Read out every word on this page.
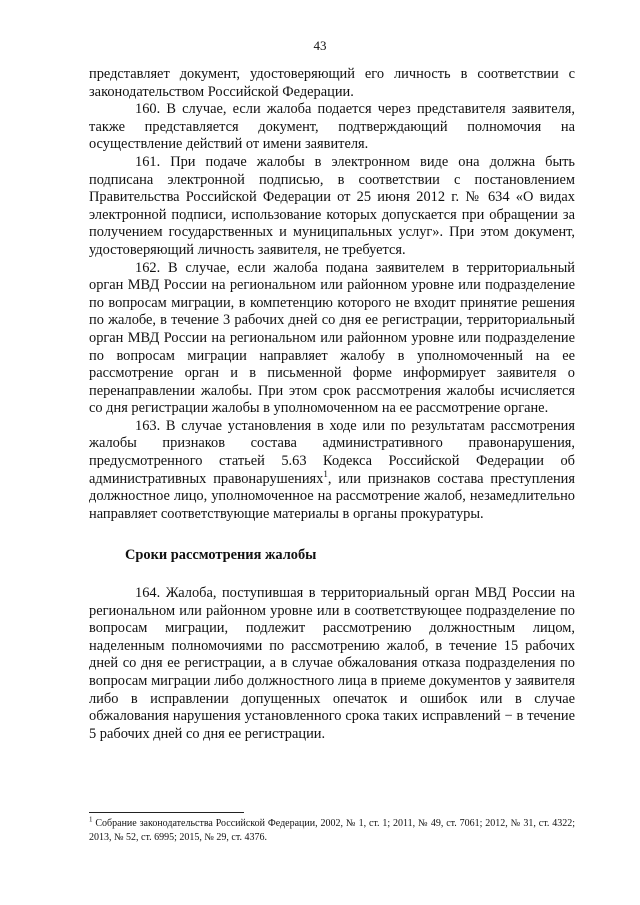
43

представляет документ, удостоверяющий его личность в соответствии с законодательством Российской Федерации.

160. В случае, если жалоба подается через представителя заявителя, также представляется документ, подтверждающий полномочия на осуществление действий от имени заявителя.

161. При подаче жалобы в электронном виде она должна быть подписана электронной подписью, в соответствии с постановлением Правительства Российской Федерации от 25 июня 2012 г. № 634 «О видах электронной подписи, использование которых допускается при обращении за получением государственных и муниципальных услуг». При этом документ, удостоверяющий личность заявителя, не требуется.

162. В случае, если жалоба подана заявителем в территориальный орган МВД России на региональном или районном уровне или подразделение по вопросам миграции, в компетенцию которого не входит принятие решения по жалобе, в течение 3 рабочих дней со дня ее регистрации, территориальный орган МВД России на региональном или районном уровне или подразделение по вопросам миграции направляет жалобу в уполномоченный на ее рассмотрение орган и в письменной форме информирует заявителя о перенаправлении жалобы. При этом срок рассмотрения жалобы исчисляется со дня регистрации жалобы в уполномоченном на ее рассмотрение органе.

163. В случае установления в ходе или по результатам рассмотрения жалобы признаков состава административного правонарушения, предусмотренного статьей 5.63 Кодекса Российской Федерации об административных правонарушениях$^1$, или признаков состава преступления должностное лицо, уполномоченное на рассмотрение жалоб, незамедлительно направляет соответствующие материалы в органы прокуратуры.

Сроки рассмотрения жалобы

164. Жалоба, поступившая в территориальный орган МВД России на региональном или районном уровне или в соответствующее подразделение по вопросам миграции, подлежит рассмотрению должностным лицом, наделенным полномочиями по рассмотрению жалоб, в течение 15 рабочих дней со дня ее регистрации, а в случае обжалования отказа подразделения по вопросам миграции либо должностного лица в приеме документов у заявителя либо в исправлении допущенных опечаток и ошибок или в случае обжалования нарушения установленного срока таких исправлений − в течение 5 рабочих дней со дня ее регистрации.

$^1$ Собрание законодательства Российской Федерации, 2002, № 1, ст. 1; 2011, № 49, ст. 7061; 2012, № 31, ст. 4322; 2013, № 52, ст. 6995; 2015, № 29, ст. 4376.
